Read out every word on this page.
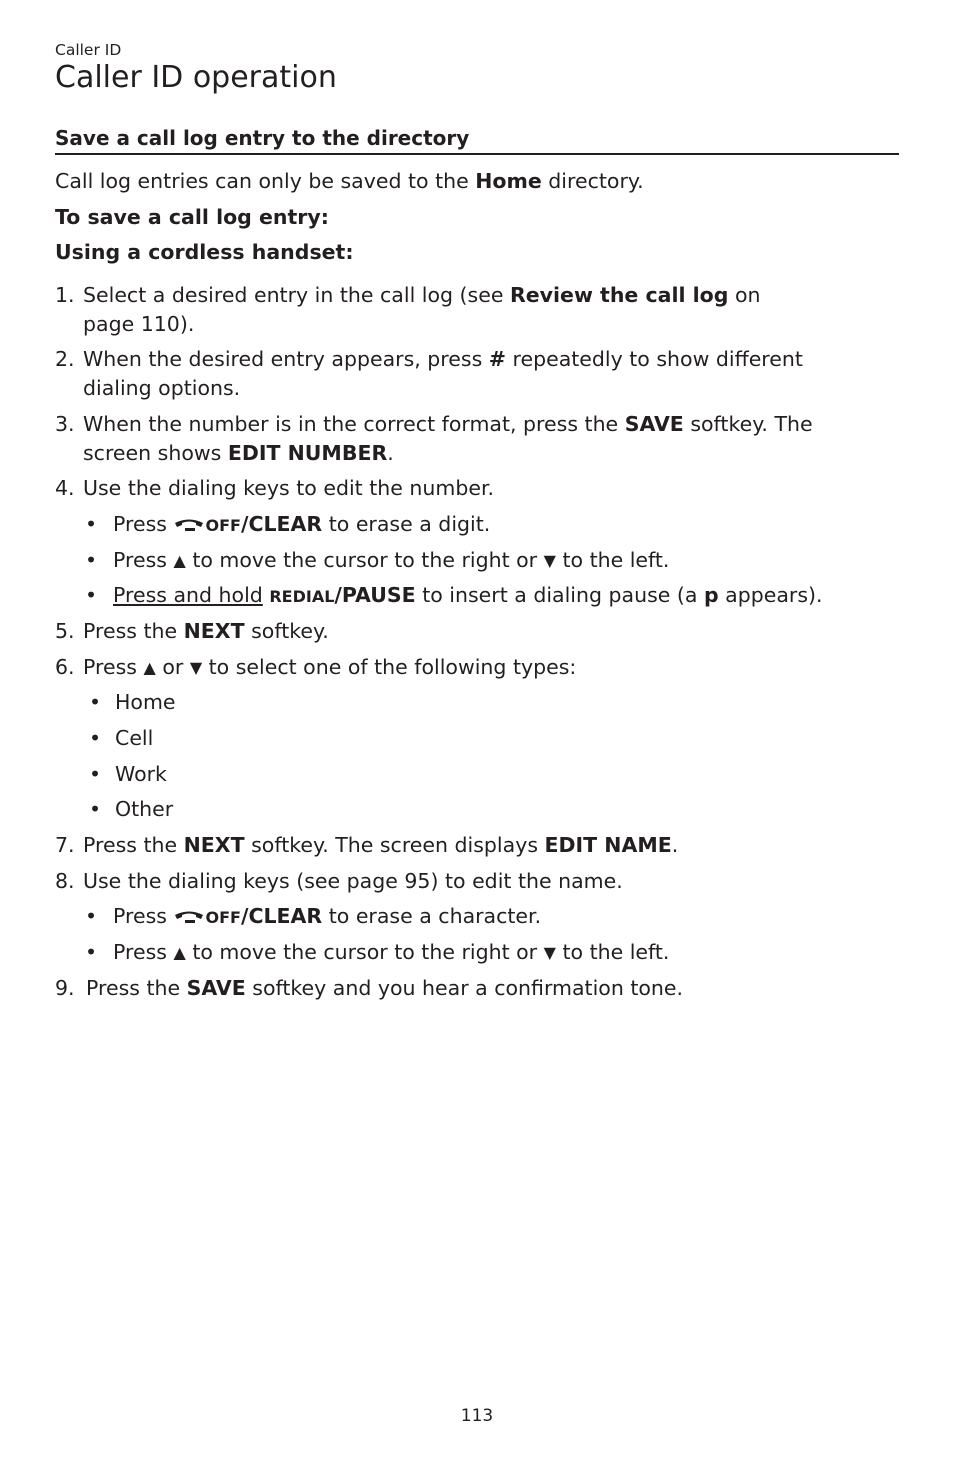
Caller ID
Caller ID operation
Save a call log entry to the directory
Call log entries can only be saved to the Home directory.
To save a call log entry:
Using a cordless handset:
1. Select a desired entry in the call log (see Review the call log on
page 110).
2. When the desired entry appears, press # repeatedly to show different
dialing options.
3. When the number is in the correct format, press the SAVE softkey. The
screen shows EDIT NUMBER.
4. Use the dialing keys to edit the number.
• Press OFF/CLEAR to erase a digit.
• Press ▲ to move the cursor to the right or ▼ to the left.
• Press and hold REDIAL/PAUSE to insert a dialing pause (a p appears).
5. Press the NEXT softkey.
6. Press ▲ or ▼ to select one of the following types:
• Home
• Cell
• Work
• Other
7. Press the NEXT softkey. The screen displays EDIT NAME.
8. Use the dialing keys (see page 95) to edit the name.
• Press OFF/CLEAR to erase a character.
• Press ▲ to move the cursor to the right or ▼ to the left.
9. Press the SAVE softkey and you hear a confirmation tone.
113
